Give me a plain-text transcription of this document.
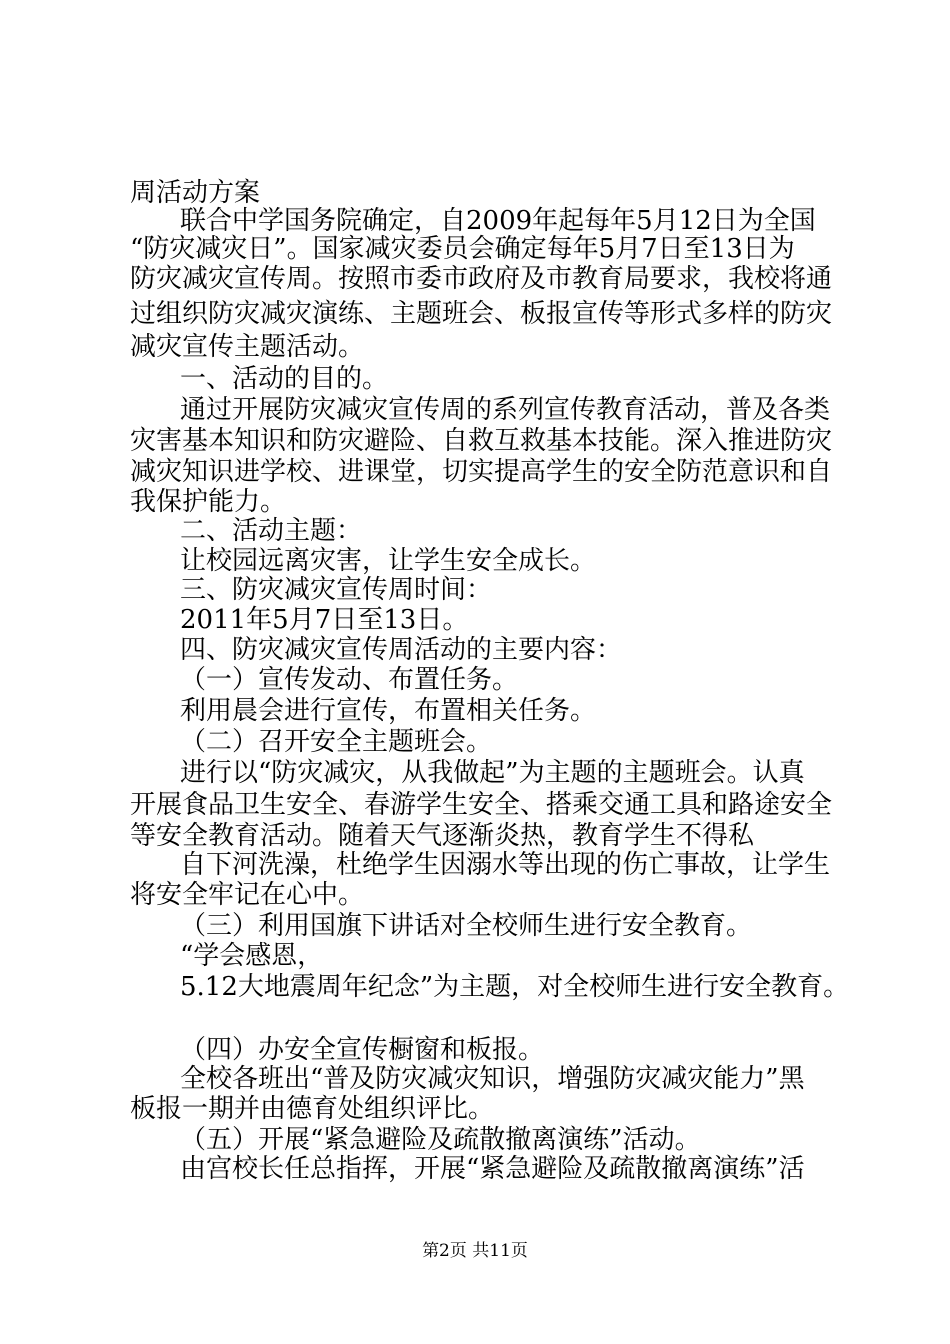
周活动方案
联合中学国务院确定，自2009年起每年5月12日为全国
“防灾减灾日”。国家减灾委员会确定每年5月7日至13日为
防灾减灾宣传周。按照市委市政府及市教育局要求，我校将通
过组织防灾减灾演练、主题班会、板报宣传等形式多样的防灾
减灾宣传主题活动。
一、活动的目的。
通过开展防灾减灾宣传周的系列宣传教育活动，普及各类
灾害基本知识和防灾避险、自救互救基本技能。深入推进防灾
减灾知识进学校、进课堂，切实提高学生的安全防范意识和自
我保护能力。
二、活动主题：
让校园远离灾害，让学生安全成长。
三、防灾减灾宣传周时间：
2011年5月7日至13日。
四、防灾减灾宣传周活动的主要内容：
（一）宣传发动、布置任务。
利用晨会进行宣传，布置相关任务。
（二）召开安全主题班会。
进行以“防灾减灾，从我做起”为主题的主题班会。认真
开展食品卫生安全、春游学生安全、搭乘交通工具和路途安全
等安全教育活动。随着天气逐渐炎热，教育学生不得私
自下河洗澡，杜绝学生因溺水等出现的伤亡事故，让学生
将安全牢记在心中。
（三）利用国旗下讲话对全校师生进行安全教育。
“学会感恩，
5.12大地震周年纪念”为主题，对全校师生进行安全教育。
（四）办安全宣传橱窗和板报。
全校各班出“普及防灾减灾知识，增强防灾减灾能力”黑
板报一期并由德育处组织评比。
（五）开展“紧急避险及疏散撤离演练”活动。
由宫校长任总指挥，开展“紧急避险及疏散撤离演练”活
第2页 共11页
